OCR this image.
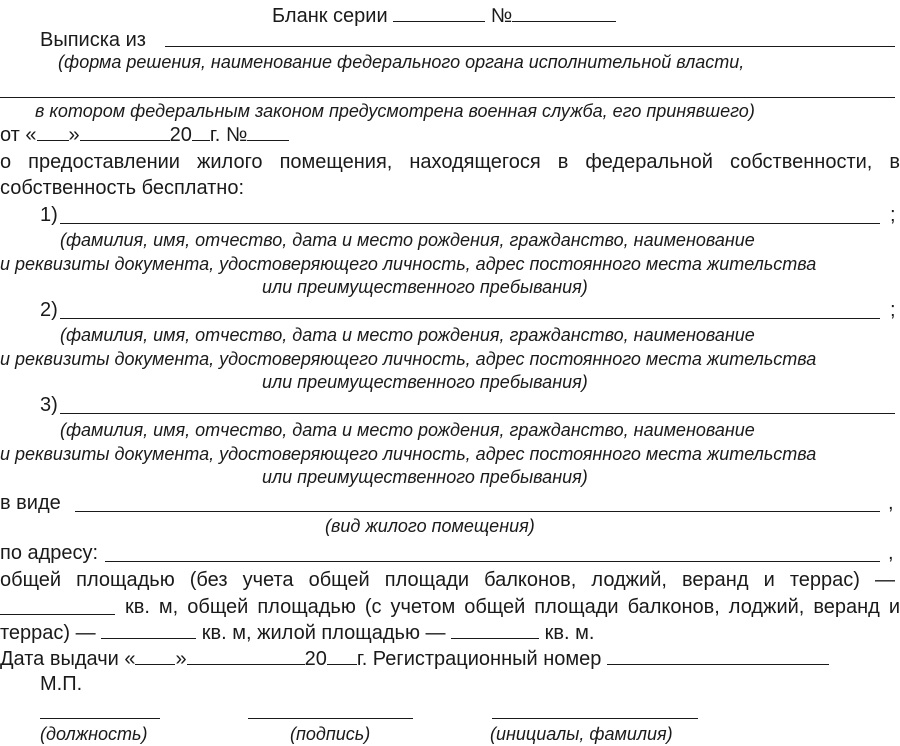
Бланк серии	№
Выписка из
(форма решения, наименование федерального органа исполнительной власти,
в котором федеральным законом предусмотрена военная служба, его принявшего)
от « »	20 г. №
о предоставлении жилого помещения, находящегося в федеральной собственности, в
собственность бесплатно:
1)	;
(фамилия, имя, отчество, дата и место рождения, гражданство, наименование
и реквизиты документа, удостоверяющего личность, адрес постоянного места жительства
или преимущественного пребывания)
2)	;
(фамилия, имя, отчество, дата и место рождения, гражданство, наименование
и реквизиты документа, удостоверяющего личность, адрес постоянного места жительства
или преимущественного пребывания)
3)
(фамилия, имя, отчество, дата и место рождения, гражданство, наименование
и реквизиты документа, удостоверяющего личность, адрес постоянного места жительства
или преимущественного пребывания)
в виде	,
(вид жилого помещения)
по адресу:	,
общей площадью (без учета общей площади балконов, лоджий, веранд и террас) —
кв. м, общей площадью (с учетом общей площади балконов, лоджий, веранд и
террас) —	кв. м, жилой площадью —	кв. м.
Дата выдачи « »	20 г. Регистрационный номер
М.П.
(должность)	(подпись)	(инициалы, фамилия)
